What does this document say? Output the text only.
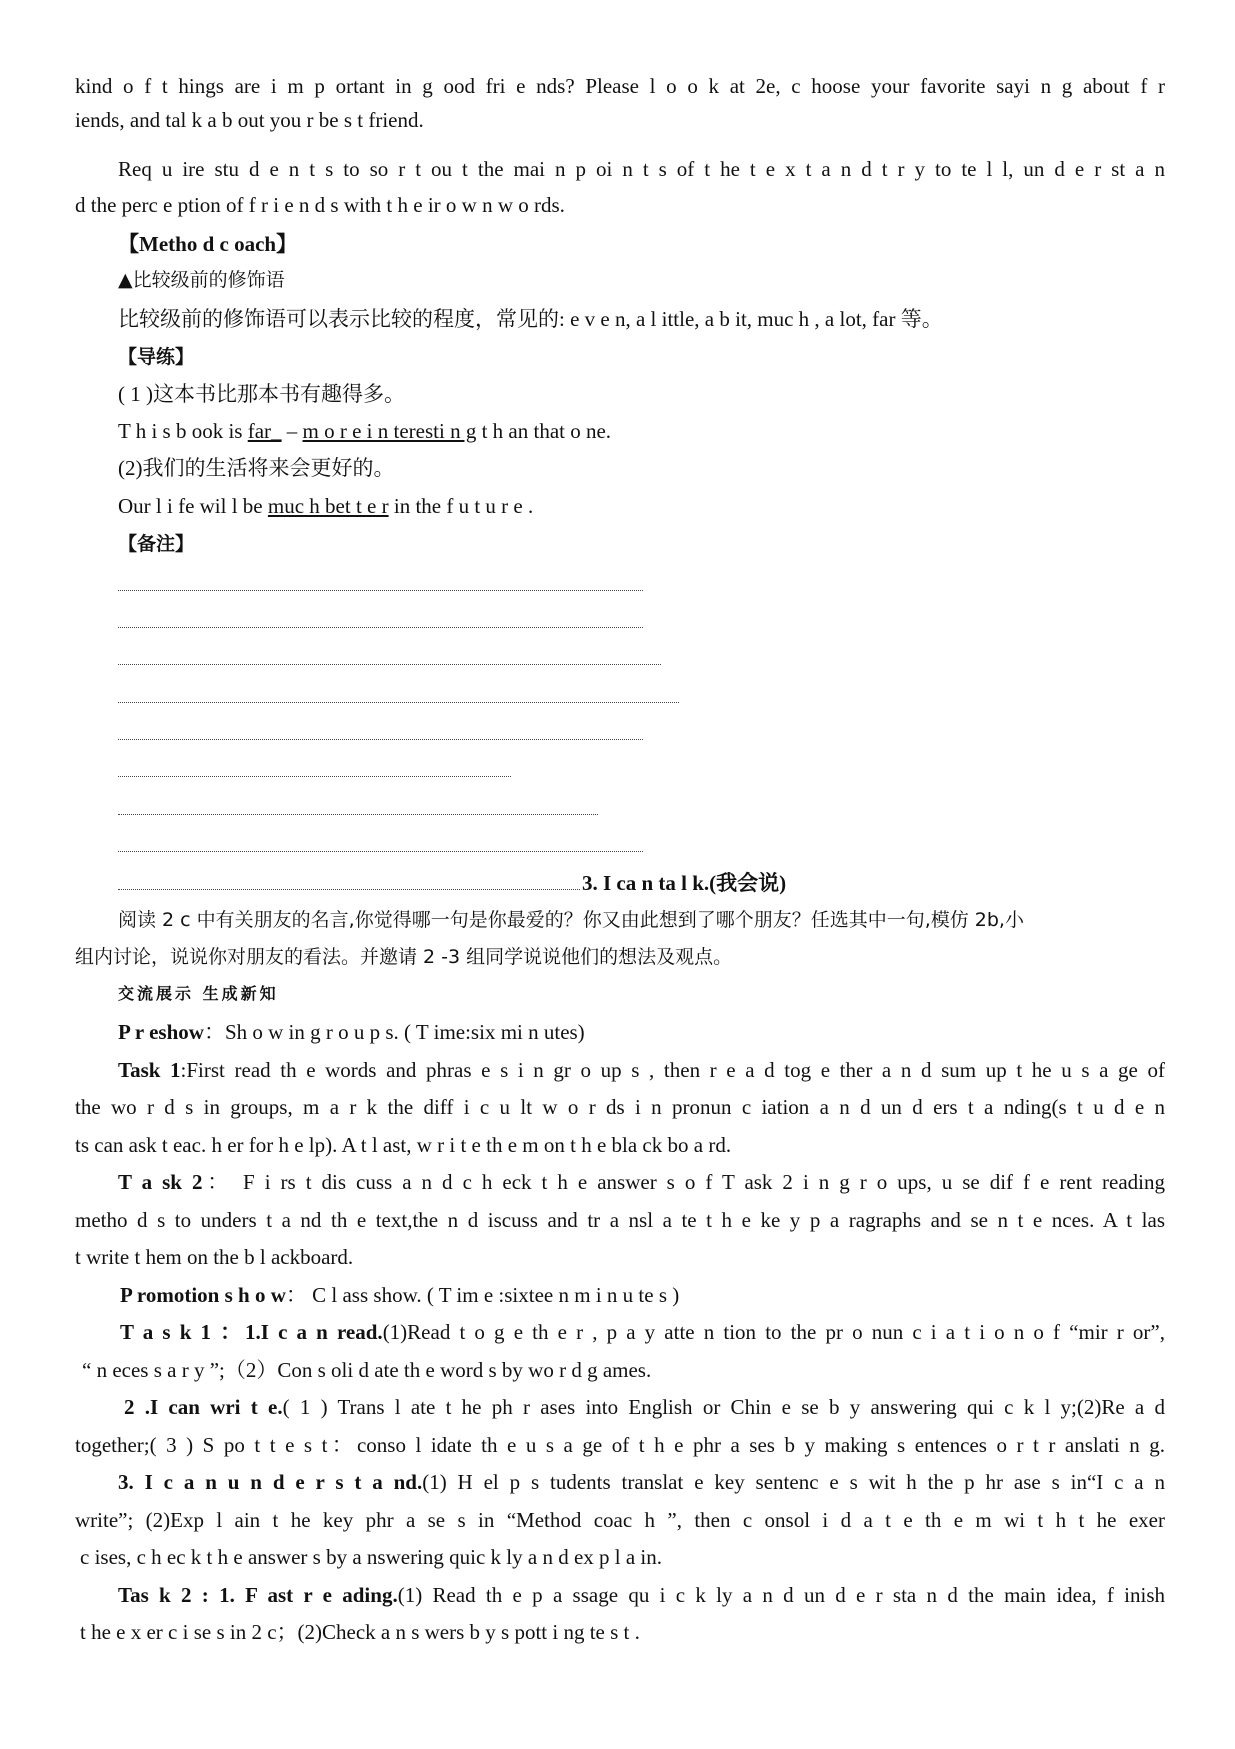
kind o f t hings are i m p ortant in g ood fri e nds? Please l o o k at 2e, c hoose your favorite sayi n g about f r
iends, and tal k a b out you r be s t friend.
Req u ire stu d e n t s to so r t ou t the mai n p oi n t s of t he t e x t a n d t r y to te l l, un d e r st a n
d the perc e ption of f r i e n d s with t h e ir o w n w o rds.
【Metho d c oach】
▲比较级前的修饰语
比较级前的修饰语可以表示比较的程度，常见的: e v e n, a l ittle, a b it, muc h , a lot, far 等。
【导练】
( 1 )这本书比那本书有趣得多。
T h i s b ook is far_ – m o r e i n teresti n g t h an that o ne.
(2)我们的生活将来会更好的。
Our l i fe wil l be muc h bet t e r in the f u t u r e .
【备注】
3. I ca n ta l k.(我会说)
阅读 2 c 中有关朋友的名言,你觉得哪一句是你最爱的？你又由此想到了哪个朋友？任选其中一句,模仿 2b,小
组内讨论，说说你对朋友的看法。并邀请 2 -3 组同学说说他们的想法及观点。
交流展示 生成新知
P r eshow：Sh o w in g r o u p s. ( T ime:six mi n utes)
Task 1:First read th e words and phras e s i n gr o up s , then r e a d tog e ther a n d sum up t he u s a ge of
the wo r d s in groups, m a r k the diff i c u lt w o r ds i n pronun c iation a n d un d ers t a nding(s t u d e n
ts can ask t eac. h er for h e lp). A t l ast, w r i t e th e m on t h e bla ck bo a rd.
T a sk 2： F i rs t dis cuss a n d c h eck t h e answer s o f T ask 2 i n g r o ups, u se dif f e rent reading
metho d s to unders t a nd th e text,the n d iscuss and tr a nsl a te t h e ke y p a ragraphs and se n t e nces. A t las
t write t hem on the b l ackboard.
P romotion s h o w： C l ass show. ( T im e :sixtee n m i n u te s )
T a s k 1 ：1.I c a n read.(1)Read t o g e th e r , p a y atte n tion to the pr o nun c i a t i o n o f “mir r or”,
“ n eces s a r y ”;（2）Con s oli d ate th e word s by wo r d g ames.
2 .I can wri t e.( 1 ) Trans l ate t he ph r ases into English or Chin e se b y answering qui c k l y;(2)Re a d
together;( 3 ) S po t t e s t：conso l idate th e u s a ge of t h e phr a ses b y making s entences o r t r anslati n g.
3. I c a n u n d e r s t a nd.(1) H el p s tudents translat e key sentenc e s wit h the p hr ase s in“I c a n
write”; (2)Exp l ain t he key phr a se s in “Method coac h ”, then c onsol i d a t e th e m wi t h t he exer
c ises, c h ec k t h e answer s by a nswering quic k ly a n d ex p l a in.
Tas k 2 : 1. F ast r e ading.(1) Read th e p a ssage qu i c k ly a n d un d e r sta n d the main idea, f inish
t he e x er c i se s in 2 c；(2)Check a n s wers b y s pott i ng te s t .
